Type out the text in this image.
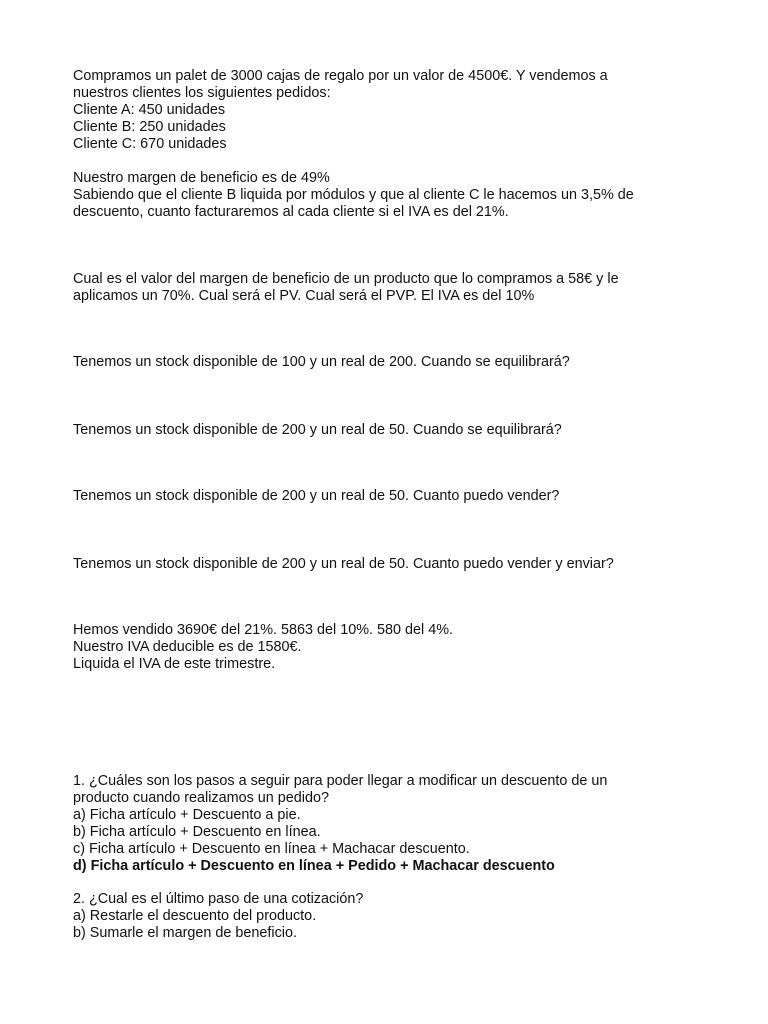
Compramos un palet de 3000 cajas de regalo por un valor de 4500€. Y vendemos a
nuestros clientes los siguientes pedidos:
Cliente A: 450 unidades
Cliente B: 250 unidades
Cliente C: 670 unidades
Nuestro margen de beneficio es de 49%
Sabiendo que el cliente B liquida por módulos y que al cliente C le hacemos un 3,5% de
descuento, cuanto facturaremos al cada cliente si el IVA es del 21%.
Cual es el valor del margen de beneficio de un producto que lo compramos a 58€ y le
aplicamos un 70%. Cual será el PV. Cual será el PVP. El IVA es del 10%
Tenemos un stock disponible de 100 y un real de 200. Cuando se equilibrará?
Tenemos un stock disponible de 200 y un real de 50. Cuando se equilibrará?
Tenemos un stock disponible de 200 y un real de 50. Cuanto puedo vender?
Tenemos un stock disponible de 200 y un real de 50. Cuanto puedo vender y enviar?
Hemos vendido 3690€ del 21%. 5863 del 10%. 580 del 4%.
Nuestro IVA deducible es de 1580€.
Liquida el IVA de este trimestre.
1. ¿Cuáles son los pasos a seguir para poder llegar a modificar un descuento de un
producto cuando realizamos un pedido?
a) Ficha artículo + Descuento a pie.
b) Ficha artículo + Descuento en línea.
c) Ficha artículo + Descuento en línea + Machacar descuento.
d) Ficha artículo + Descuento en línea + Pedido + Machacar descuento
2. ¿Cual es el último paso de una cotización?
a) Restarle el descuento del producto.
b) Sumarle el margen de beneficio.
